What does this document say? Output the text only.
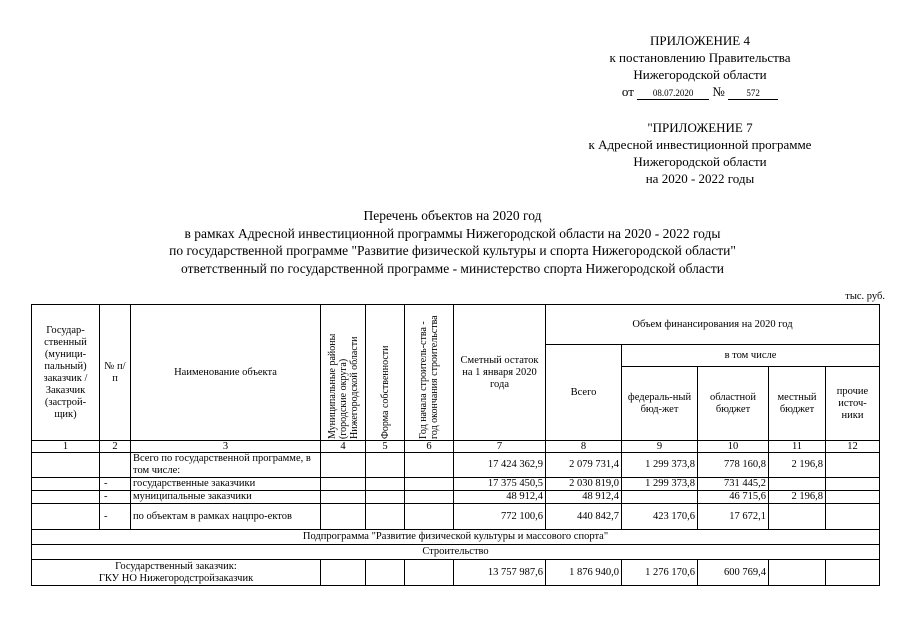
ПРИЛОЖЕНИЕ 4
к постановлению Правительства
Нижегородской области
от 08.07.2020 № 572
"ПРИЛОЖЕНИЕ 7
к Адресной инвестиционной программе
Нижегородской области
на 2020 - 2022 годы
Перечень объектов на 2020 год
в рамках Адресной инвестиционной программы Нижегородской области на 2020 - 2022 годы
по государственной программе "Развитие физической культуры и спорта Нижегородской области"
ответственный по государственной программе - министерство спорта Нижегородской области
тыс. руб.
Государ-ственный (муници-пальный) заказчик / Заказчик (застрой-щик)	№ п/п	Наименование объекта	Муниципальные районы (городские округа) Нижегородской области	Форма собственности	Год начала строитель-ства - год окончания строительства	Сметный остаток на 1 января 2020 года	Объем финансирования на 2020 год				
							Всего	в том числе			
								федераль-ный бюд-жет	областной бюджет	местный бюджет	прочие источ-ники
1	2	3	4	5	6	7	8	9	10	11	12
		Всего по государственной программе, в том числе:				17 424 362,9	2 079 731,4	1 299 373,8	778 160,8	2 196,8	
	-	государственные заказчики				17 375 450,5	2 030 819,0	1 299 373,8	731 445,2		
	-	муниципальные заказчики				48 912,4	48 912,4		46 715,6	2 196,8	
	-	по объектам в рамках нацпро-ектов				772 100,6	440 842,7	423 170,6	17 672,1		
Подпрограмма "Развитие физической культуры и массового спорта"											
Строительство											

Государственный заказчик:
ГКУ НО Нижегородстройзаказчик						13 757 987,6	1 876 940,0	1 276 170,6	600 769,4		
